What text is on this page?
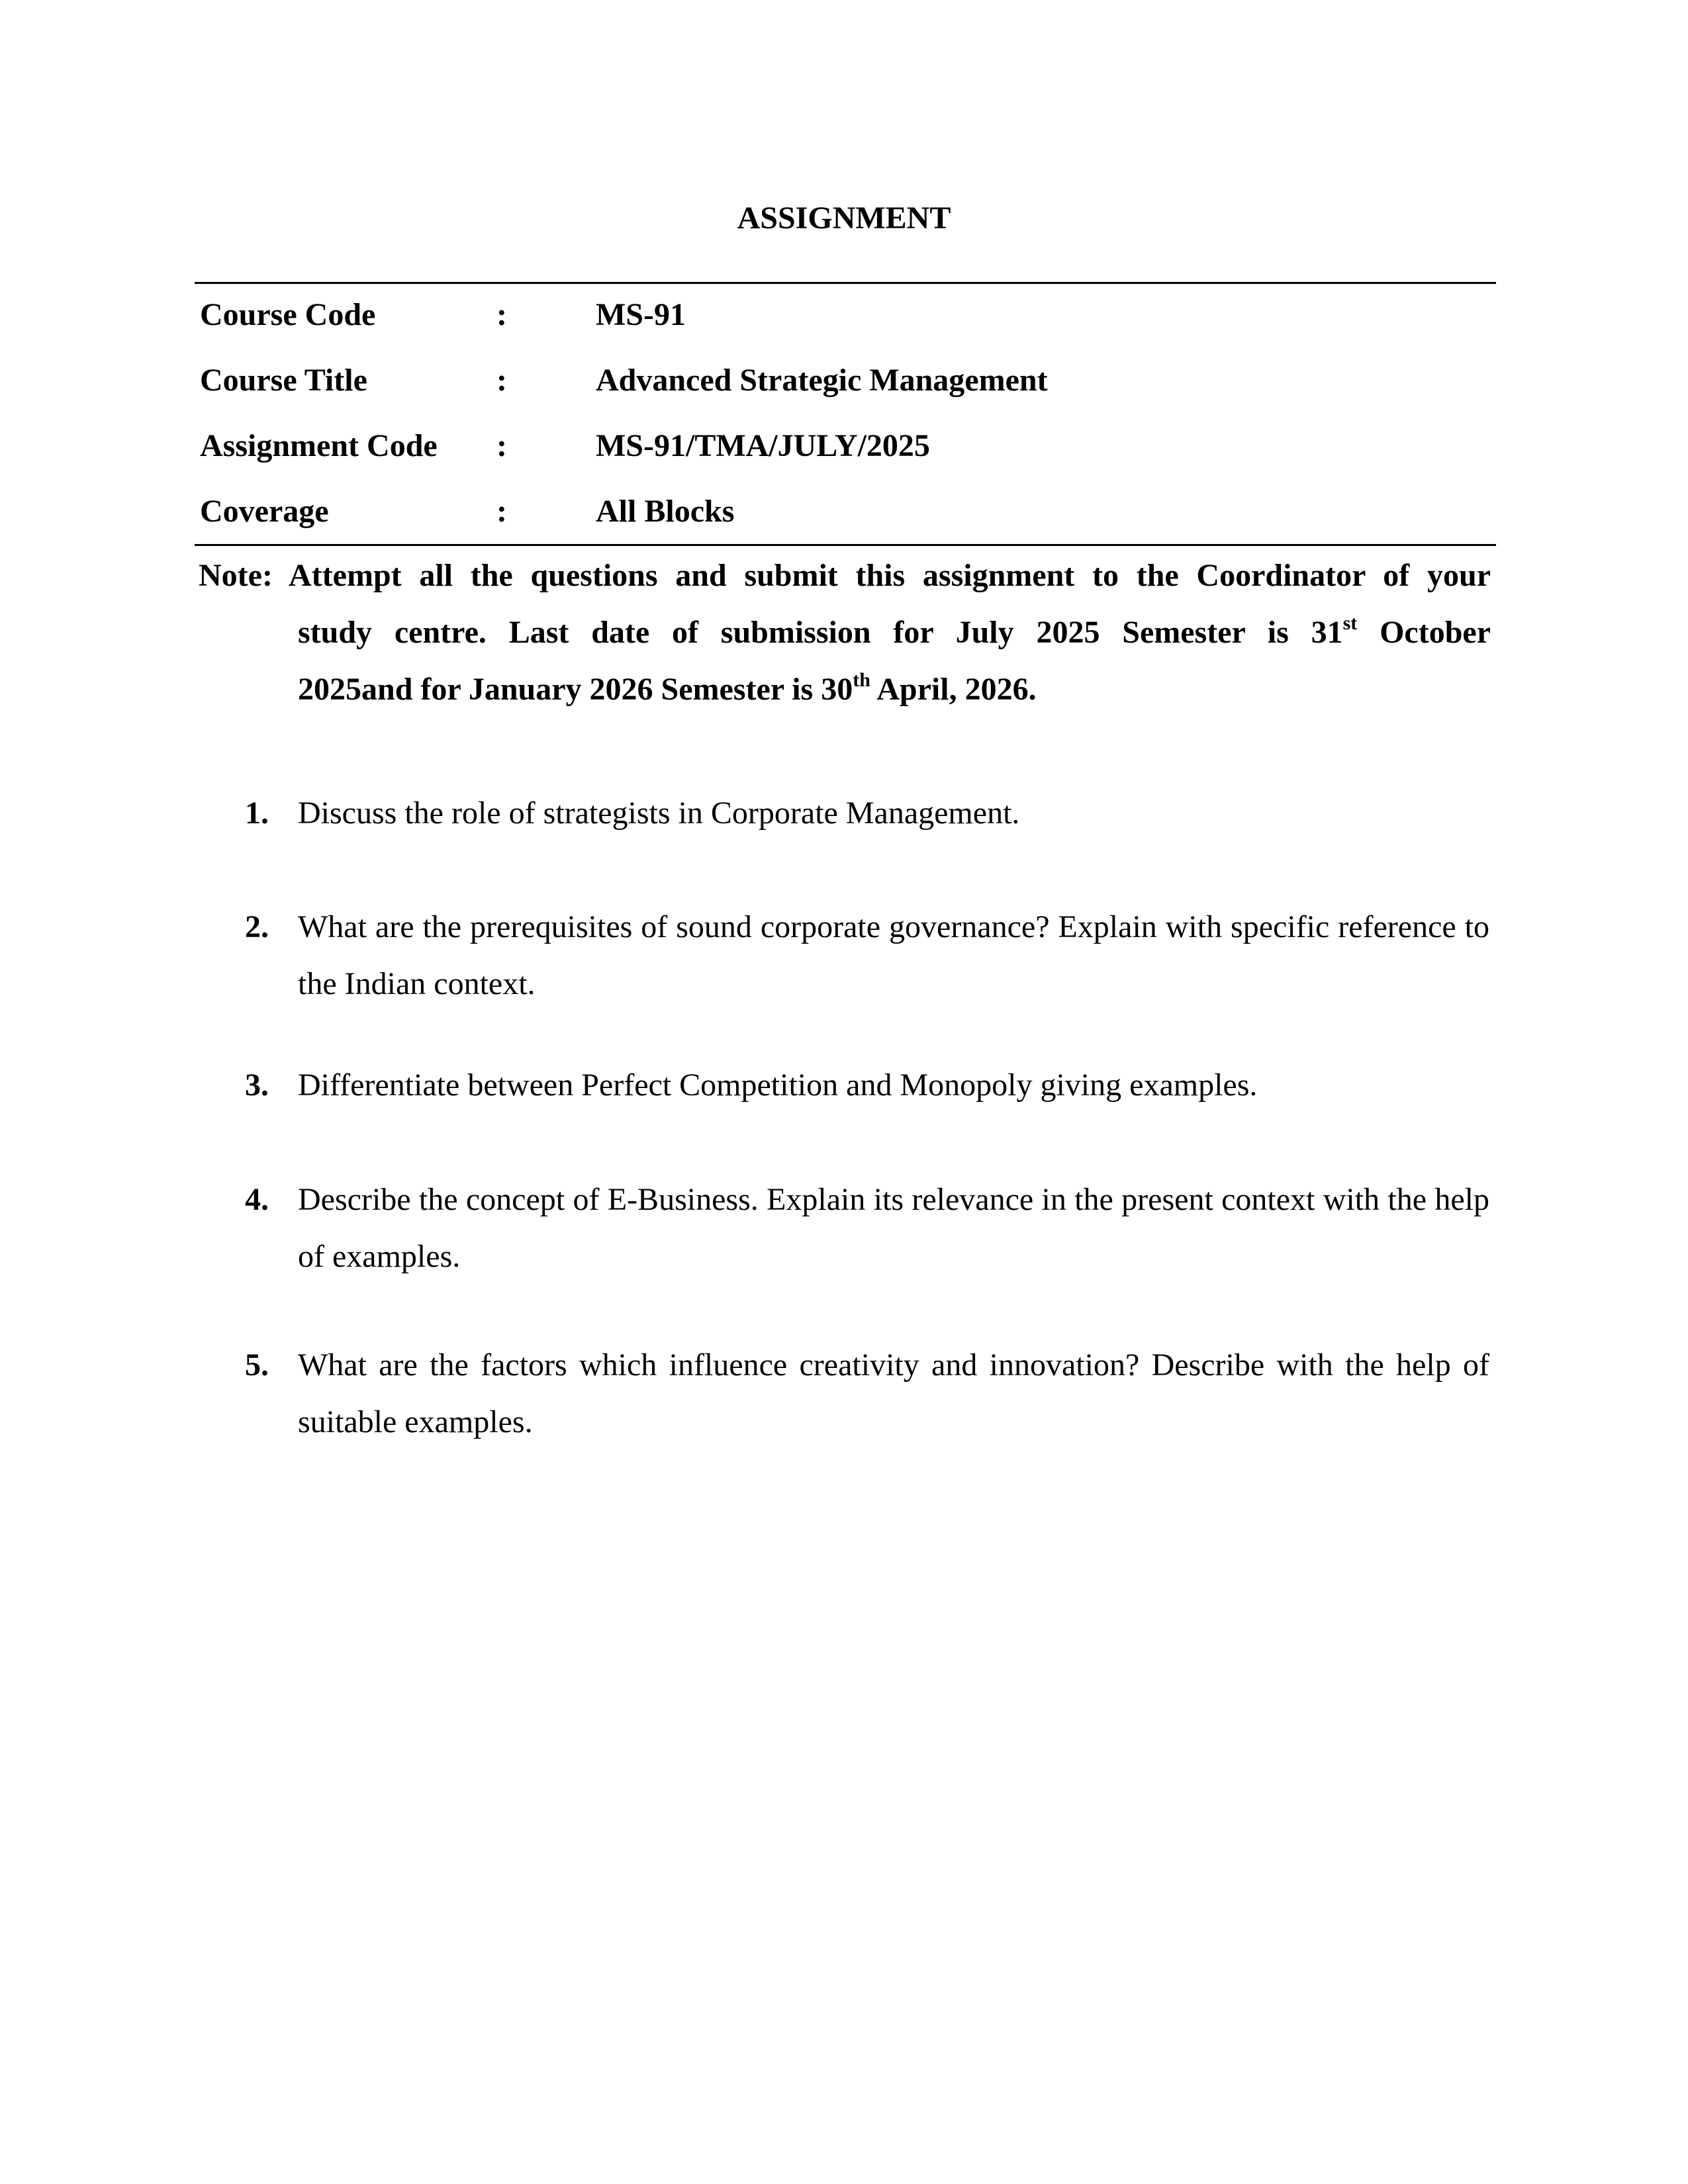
ASSIGNMENT
Course Code	:	MS-91
Course Title	:	Advanced Strategic Management
Assignment Code :	MS-91/TMA/JULY/2025
Coverage	:	All Blocks
Note: Attempt all the questions and submit this assignment to the Coordinator of your
study centre. Last date of submission for July 2025 Semester is 31st October
2025and for January 2026 Semester is 30th April, 2026.
1. Discuss the role of strategists in Corporate Management.
2. What are the prerequisites of sound corporate governance? Explain with specific reference to the Indian context.
3. Differentiate between Perfect Competition and Monopoly giving examples.
4. Describe the concept of E-Business. Explain its relevance in the present context with the help of examples.
5. What are the factors which influence creativity and innovation? Describe with the help of suitable examples.
